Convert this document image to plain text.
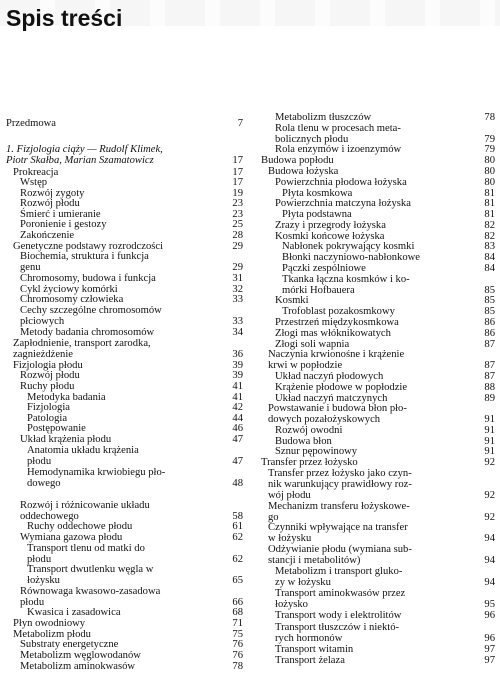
Spis treści
Przedmowa	7
1. Fizjologia ciąży — Rudolf Klimek,
Piotr Skałba, Marian Szamatowicz	17
Prokreacja	17
Wstęp	17
Rozwój zygoty	19
Rozwój płodu	23
Śmierć i umieranie	23
Poronienie i gestozy	25
Zakończenie	28
Genetyczne podstawy rozrodczości	29
Biochemia, struktura i funkcja
genu	29
Chromosomy, budowa i funkcja	31
Cykl życiowy komórki	32
Chromosomy człowieka	33
Cechy szczególne chromosomów
płciowych	33
Metody badania chromosomów	34
Zapłodnienie, transport zarodka,
zagnieżdżenie	36
Fizjologia płodu	39
Rozwój płodu	39
Ruchy płodu	41
Metodyka badania	41
Fizjologia	42
Patologia	44
Postępowanie	46
Układ krążenia płodu	47
Anatomia układu krążenia
płodu	47
Hemodynamika krwiobiegu pło-
dowego	48
Rozwój i różnicowanie układu
oddechowego	58
Ruchy oddechowe płodu	61
Wymiana gazowa płodu	62
Transport tlenu od matki do
płodu	62
Transport dwutlenku węgla w
łożysku	65
Równowaga kwasowo-zasadowa
płodu	66
Kwasica i zasadowica	68
Płyn owodniowy	71
Metabolizm płodu	75
Substraty energetyczne	76
Metabolizm węglowodanów	76
Metabolizm aminokwasów	78
Metabolizm tłuszczów	78
Rola tlenu w procesach meta-
bolicznych płodu	79
Rola enzymów i izoenzymów	79
Budowa popłodu	80
Budowa łożyska	80
Powierzchnia płodowa łożyska	80
Płyta kosmkowa	81
Powierzchnia matczyna łożyska	81
Płyta podstawna	81
Zrazy i przegrody łożyska	82
Kosmki końcowe łożyska	82
Nabłonek pokrywający kosmki	83
Błonki naczyniowo-nabłonkowe	84
Pączki zespólniowe	84
Tkanka łączna kosmków i ko-
mórki Hofbauera	85
Kosmki	85
Trofoblast pozakosmkowy	85
Przestrzeń międzykosmkowa	86
Złogi mas włóknikowatych	86
Złogi soli wapnia	87
Naczynia krwionośne i krążenie
krwi w popłodzie	87
Układ naczyń płodowych	87
Krążenie płodowe w popłodzie	88
Układ naczyń matczynych	89
Powstawanie i budowa błon pło-
dowych pozałożyskowych	91
Rozwój owodni	91
Budowa błon	91
Sznur pępowinowy	91
Transfer przez łożysko	92
Transfer przez łożysko jako czyn-
nik warunkujący prawidłowy roz-
wój płodu	92
Mechanizm transferu łożyskowe-
go	92
Czynniki wpływające na transfer
w łożysku	94
Odżywianie płodu (wymiana sub-
stancji i metabolitów)	94
Metabolizm i transport gluko-
zy w łożysku	94
Transport aminokwasów przez
łożysko	95
Transport wody i elektrolitów	96
Transport tłuszczów i niektó-
rych hormonów	96
Transport witamin	97
Transport żelaza	97
